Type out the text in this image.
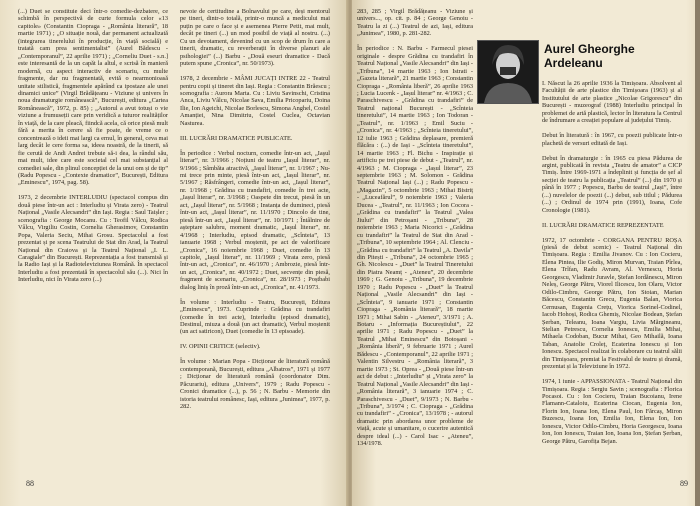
(...) Duet se constituie deci într-o comedie-dezbatere, ce schimbă în perspectivă de curte formula celor «13 capitole» (Constantin Ciopraga - „România literară”, 18 martie 1971) ; „O situație nouă, dar permanent actualizată (integrarea tinerelului în producție, în viață socială) e tratată cam prea sentimentalist” (Aurel Bădescu - „Contemporanul”, 22 aprilie 1971) ; „Corneliu Duet - s.n.] este interesantă de la un capăt la altul, e scrisă în manieră modernă, cu aspect interactiv de scenariu, cu multe fragmente, dar nu fragmentată, evită o nearmonioasă unitate stilistică, fragmentele apărând ca ipostaze ale unei dinamici unice” (Virgil Brădățeanu - Viziune și univers în noua dramaturgie românească”, București, editura „Cartea Românească”, 1972, p. 85) ; „Autorul a avut totuși o vie viziune a frumuseții care prin veridică a tuturor realităților în viață, de la care pleacă, fiindcă acela, că orice piesă mult fără a merita în cerere să fie poate, de vreme ce o concentrează o ideii mai largi ca ernul, în general, ceva mai larg decât le cere forma sa, ideea noastră, de la tinerii, să fie cerută de Andi Andrei trebuie să-i dea, la rândul său, mai mult, idee care este societal cel mai substanțial al comediei sale, din plinul concepției de la unui om și de tip” (Radu Popescu - „Contexte dramatice”, București, Editura „Eminescu”, 1974, pag. 58).

1973, 2 decembrie INTERLUDIU (spectacol compus din două piese într-un act : Interludiu și Virata zero) - Teatrul Național „Vasile Alecsandri” din Iași. Regia : Saul Taișler ; scenografia : George Mocanu. Cu : Teofil Vâlcu, Rodica Vâlcu, Virgiliu Costin, Cornelia Gherasimov, Constantin Popa, Valeria Seciu, Mihai Grosu. Spectacolul a fost prezentat și pe scena Teatrului de Stat din Arad, la Teatrul Național din Craiova și la Teatrul Național „I. L. Caragiale” din București. Reprezentația a fost transmisă și la Radio Iași și la Radioteleviziunea Română. În spectacol Interludiu a fost prezentată în spectacolul său (...). Nici în Interludiu, nici în Virata zero (...)
nevoie de certitudine a Bolnavului pe care, deși mentorul pe tineri, dintr-o totală, printr-o muncă a medicului mai puțin pe care o face și e asemenea Pierre Petit, mai mult, decât pe tineri (...) un mod posibil de viață al nostru. (...) Cu un devotament, devenind cu un scop de drum în care a tinerii, dramatic, cu reverberații în diverse planuri ale psihologiei” (...) Barbu - „Două eseuri dramatice - Dacă putem spune „Cronica”, nr. 50/1973).

1978, 2 decembrie - MÂMI JUCAȚI INTRE 22 - Teatrul pentru copii și tineret din Iași. Regia : Constantin Brăescu ; scenografia : Aurora Marta. Cu : Liviu Savinschi, Cristina Anca, Liviu Vâlcu, Nicolae Sava, Emilia Pricopariu, Doina Ilie, Ion Ageichi, Nicolae Borlescu, Simona Anghel, Costel Amanției, Nina Dimitriu, Costel Cuclea, Octavian Nasturea.

III. LUCRĂRI DRAMATICE PUBLICATE.

În periodice : Verbul nocturn, comedie într-un act, „Iașul literar”, nr. 3/1966 ; Noțiuni de teatru „Iașul literar”, nr. 9/1966 ; Sâmbăta atractivă, „Iașul literar”, nr. 1/1967 ; Nu-mi trece prin minte, piesă într-un act, „Iașul literar”, nr. 5/1967 ; Răsfrângeri, comedie într-un act, „Iașul literar”, nr. 1/1968 ; Grădina cu trandafiri, comedie în trei acte, „Iașul literar”, nr. 3/1968 ; Oaspete din trecut, piesă în un act, „Iașul literar”, nr. 5/1968 ; Instanța de dumineci, piesă într-un act, „Iașul literar”, nr. 11/1970 ; Dincolo de tine, piesă într-un act, „Iașul literar”, nr. 10/1971 ; Întâlnire de așteptare salubru, moment dramatic, „Iașul literar”, nr. 4/1968 ; Interludiu, episod dramatic, „Scînteia”, 13 ianuarie 1968 ; Verbul moștenit, pe act de valorificare „Cronica”, 16 noiembrie 1968 ; Duet, comedie în 13 capitole, „Iașul literar”, nr. 11/1969 ; Virata zero, piesă într-un act, „Cronica”, nr. 46/1970 ; Ambrozie, piesă într-un act, „Cronica”, nr. 40/1972 ; Duet, secvențe din piesă, fragment de scenariu, „Cronica”, nr. 28/1973 ; Poștbabi dialog liniș în proză într-un act, „Cronica”, nr. 41/1973.

În volume : Interludiu - Teatru, București, Editura „Eminescu”, 1973. Cuprinde : Grădina cu trandafiri (comedie în trei acte), Interludiu (episod dramatic), Destinul, miuza a două (un act dramatic), Verbul moștenit (un act satiricon), Duet (comedie în 13 episoade).

IV. OPINII CRITICE (selectiv).

În volume : Marian Popa - Dicționar de literatură română contemporană, București, editura „Albatros”, 1971 și 1977 ; Dicționar de literatură română (coordonator Dim. Păcurariu), editura „Univers”, 1979 ; Radu Popescu - Cronici dramatice (...), p. 56 ; N. Barbu - Memorie din istoria teatrului românesc, Iași, editura „Junimea”, 1977, p. 282.
88
283, 285 ; Virgil Brădățeanu - Viziune și univers..., op. cit. p. 84 ; George Genoiu - Teatru la zi (...) Teatrul de azi, Iași, editura „Junimea”, 1980, p. 281-282.

În periodice : N. Barbu - Farmecul piesei originale - despre Grădina cu trandafiri în Teatrul Național „Vasile Alecsandri” din Iași - „Tribuna”, 14 martie 1963 ; Ion Istrati - „Gazeta literară”, 21 martie 1963 ; Constantin Ciopraga - „România liberă”, 26 aprilie 1963 ; Lucia Lucenk - „Iașul literar” nr. 4/1963 ; C. Paraschivescu - „Grădina cu trandafiri” de Teatrul național București - „Scînteia tineretului”, 14 martie 1963 ; Ion Todoran - „Teatrul”, nr. 1/1963 ; Emil Suciu - „Cronica”, nr. 4/1963 ; „Scînteia tineretului”, 12 iulie 1963 ; Grădina deplasare, premieră flăcăra : (...) de Iași - „Scînteia tineretului”, 14 martie 1963 ; Fl. Bichu - Inspirație și artificiu pe trei piese de debut - „Teatrul”, nr. 4/1963 ; M. Ciopraga - „Iașul literar”, 23 septembrie 1963 ; M. Solomon - Grădina Teatrul Național Iași (...) ; Radu Popescu - „Magazin”, 5 octombrie 1963 ; Mihai Bistriț - „Luceafărul”, 9 noiembrie 1963 ; Valeria Ducea - „Teatrul”, nr. 11/1963 ; Ion Cocora - „Grădina cu trandafiri” la Teatrul „Valea Jiului” din Petroșani - „Tribuna”, 28 noiembrie 1963 ; Maria Nicorici - „Grădina cu trandafiri” la Teatrul de Stat din Arad - „Tribuna”, 10 septembrie 1964 ; Al. Clenciu - „Grădina cu trandafiri” la Teatrul „A. Davila” din Pitești - „Tribuna”, 24 octombrie 1965 ; Gh. Nicolescu - „Duet” la Teatrul Tineretului din Piatra Neamț - „Ateneu”, 20 decembrie 1969 ; G. Genoiu - „Tribuna”, 19 decembrie 1970 ; Radu Popescu - „Duet” la Teatrul Național „Vasile Alecsandri” din Iași - „Scînteia”, 9 ianuarie 1971 ; Constantin Ciopraga - „România literară”, 18 martie 1971 ; Mihai Sabin - „Ateneu”, 3/1971 ; A. Botaru - „Informația Bucureștiului”, 22 aprilie 1971 ; Radu Popescu - „Duet” la Teatrul „Mihai Eminescu” din Botoșani - „România liberă”, 9 februarie 1971 ; Aurel Bădescu - „Contemporanul”, 22 aprilie 1971 ; Valentin Silvestru - „România literară”, 3 martie 1973 ; St. Oprea - „Două piese într-un act de debut : „Interludiu” și „Virata zero” la Teatrul Național „Vasile Alecsandri” din Iași - „România literară”, 3 ianuarie 1974 ; C. Paraschivescu - „Duet”, 9/1973 ; N. Barbu - „Tribuna”, 3/1974 ; C. Ciopraga - „Grădina cu trandafiri” - „Cronica”, 13/1978 ; - autorul dramatic prin abordarea unor probleme de viață, acute și umanitare, o cucerire autentică despre ideal (...) - Carol Isac - „Ateneu”, 134/1978.
Aurel Gheorghe Ardeleanu
I. Născut la 26 aprilie 1936 la Timișoara. Absolvent al Facultății de arte plastice din Timișoara (1963) și al Institutului de arte plastice „Nicolae Grigorescu” din București - muzeograf (1988) Interludiu principal în problemei de artă plastică, lector în literatura la Centrul de îndrumare a creației populare al județului Timiș.

Debut în literatură : în 1967, cu poezii publicate într-o plachetă de versuri editată de Iași.

Debut în dramaturgie : în 1965 cu piesa Pădurea de argint, publicată în revista „Teatru de amator” a CICP Timiș. Între 1969-1971 a îndeplinit și funcția de șef al secției de teatru la publicația „Teatrul” (...) din 1970 și până în 1977 ; Popescu, Barbu de teatrul „Iași”, între (...) nuvelelor de poezii (...) debut, sub titlul ; Pădurea (...) ; Ordinul de 1974 prin (1991), Ioana, Cofe Cronologie (1981).

II. LUCRĂRI DRAMATICE REPREZENTATE

1972, 17 octombrie - CORGANA PENTRU ROȘA (piesă de debut scenic) - Teatrul Național din Timișoara. Regia : Emilia Jivanov. Cu : Ion Cocieru, Elena Pintea, Ilie Godiș, Miron Murvan, Traian Pîrlea, Elena Trîfan, Radu Avram, Al. Vernescu, Horia Georgescu, Vladimir Juravle, Ștefan Iordănescu, Miron Neleș, George Pătru, Viorel Ilicescu, Ion Olaru, Victor Odilo-Cimbru, George Pătru, Ion Stoian, Marian Băcescu, Constantin Grecu, Eugenia Balan, Viorica Cernusan, Eugenia Crețu, Viorica Sorinel-Codinel, Iacob Hohoși, Rodica Ghemiș, Nicolae Bodean, Ștefan Șerban, Teleanu, Ioana Vargiu, Livia Mărgineanu, Stelian Petrescu, Cornelia Ionescu, Emilia Mihai, Mihaela Codoban, Bucur Mihai, Geo Mihailă, Ioana Taban, Anatolie Croleț, Ecaterina Ionescu și Ion Ionescu. Spectacol realizat în colaborare cu teatrul sălii din Timișoara, premiat la Festivalul de teatru și dramă, prezentat și la Televiziune în 1972.

1974, 1 iunie - APPASSIONATA - Teatrul Național din Timișoara. Regia : Sergiu Savin ; scenografia : Florica Pocasoi. Cu : Ion Cocieru, Traian Bucoianu, Irene Flamann-Cataloiu, Ecaterina Ciocan, Eugenia Ion, Florin Ion, Ioana Ion, Elena Paul, Ion Fărcaș, Miron Buzescu, Ioana Ion, Emilia Ion, Elena Ion, Ion Ionescu, Victor Odilo-Cimbru, Horia Georgescu, Ioana Ion, Ion Ionescu, Traian Ion, Ioana Ion, Ștefan Șerban, George Pătru, Garofița Bejan.
89
